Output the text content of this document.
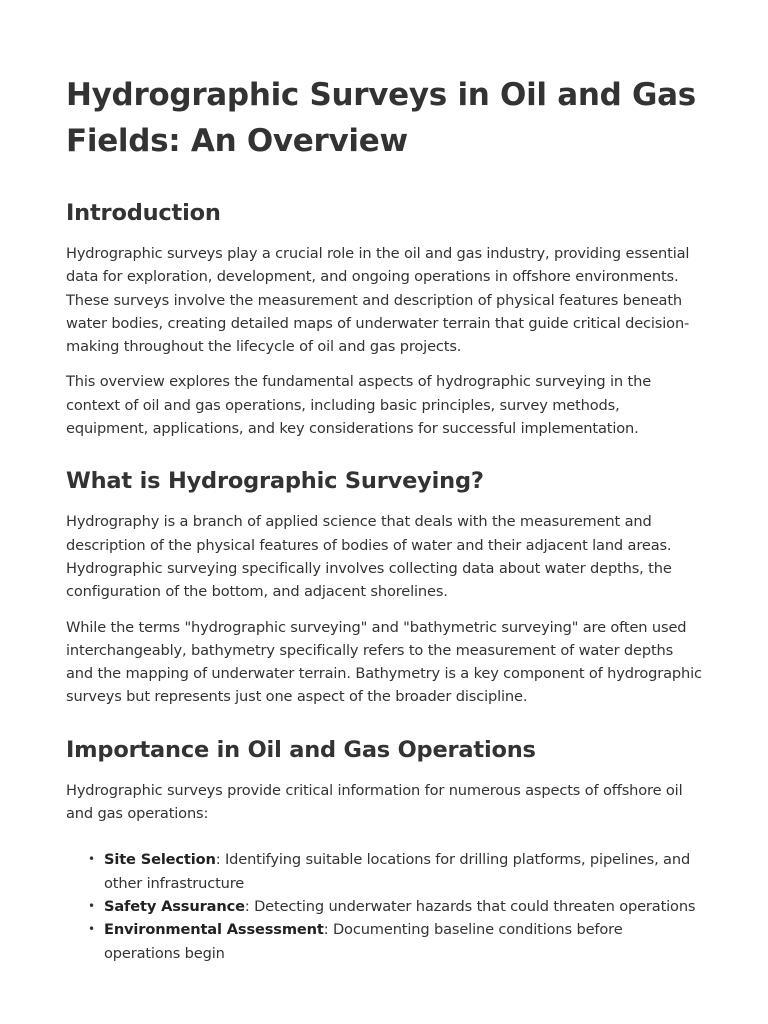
Hydrographic Surveys in Oil and Gas Fields: An Overview
Introduction

Hydrographic surveys play a crucial role in the oil and gas industry, providing essential data for exploration, development, and ongoing operations in offshore environments. These surveys involve the measurement and description of physical features beneath water bodies, creating detailed maps of underwater terrain that guide critical decision-making throughout the lifecycle of oil and gas projects.

This overview explores the fundamental aspects of hydrographic surveying in the context of oil and gas operations, including basic principles, survey methods, equipment, applications, and key considerations for successful implementation.

What is Hydrographic Surveying?

Hydrography is a branch of applied science that deals with the measurement and description of the physical features of bodies of water and their adjacent land areas. Hydrographic surveying specifically involves collecting data about water depths, the configuration of the bottom, and adjacent shorelines.

While the terms "hydrographic surveying" and "bathymetric surveying" are often used interchangeably, bathymetry specifically refers to the measurement of water depths and the mapping of underwater terrain. Bathymetry is a key component of hydrographic surveys but represents just one aspect of the broader discipline.

Importance in Oil and Gas Operations

Hydrographic surveys provide critical information for numerous aspects of offshore oil and gas operations:

• Site Selection: Identifying suitable locations for drilling platforms, pipelines, and other infrastructure
• Safety Assurance: Detecting underwater hazards that could threaten operations
• Environmental Assessment: Documenting baseline conditions before operations begin
